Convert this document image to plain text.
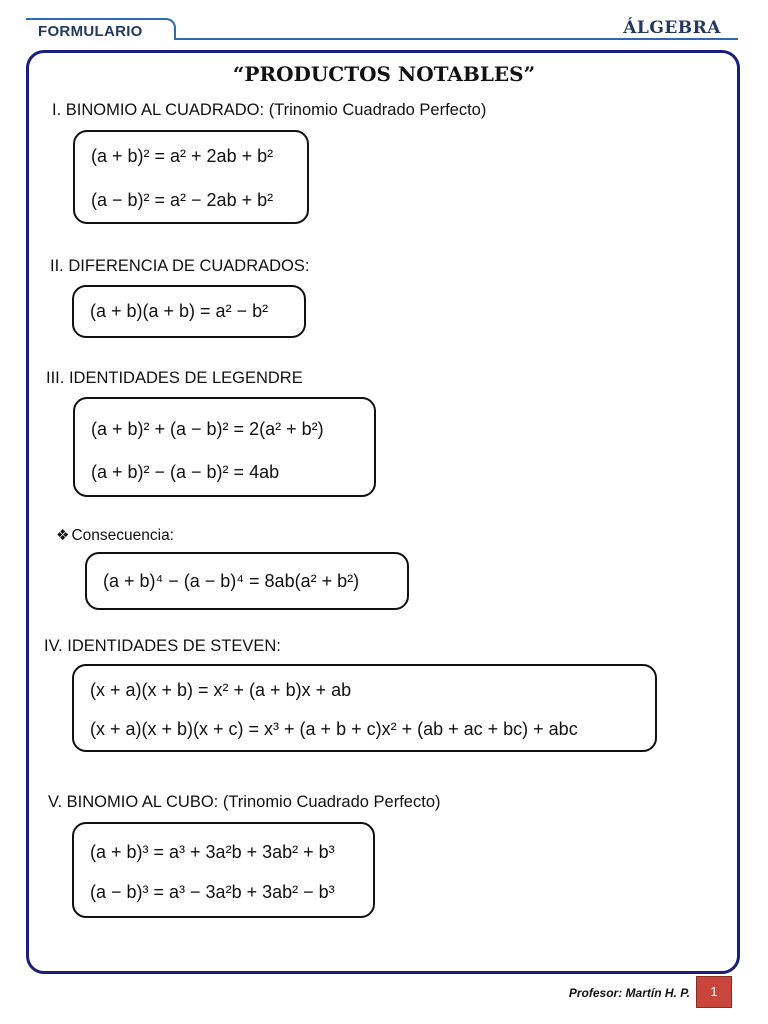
FORMULARIO	ÁLGEBRA
“PRODUCTOS NOTABLES”
I. BINOMIO AL CUADRADO: (Trinomio Cuadrado Perfecto)
(a + b)² = a² + 2ab + b²
(a − b)² = a² − 2ab + b²
II. DIFERENCIA DE CUADRADOS:
(a + b)(a + b) = a² − b²
III. IDENTIDADES DE LEGENDRE
(a + b)² + (a − b)² = 2(a² + b²)
(a + b)² − (a − b)² = 4ab
❖ Consecuencia:
(a + b)⁴ − (a − b)⁴ = 8ab(a² + b²)
IV. IDENTIDADES DE STEVEN:
(x + a)(x + b) = x² + (a + b)x + ab
(x + a)(x + b)(x + c) = x³ + (a + b + c)x² + (ab + ac + bc) + abc
V. BINOMIO AL CUBO: (Trinomio Cuadrado Perfecto)
(a + b)³ = a³ + 3a²b + 3ab² + b³
(a − b)³ = a³ − 3a²b + 3ab² − b³
Profesor: Martín H. P.	1
